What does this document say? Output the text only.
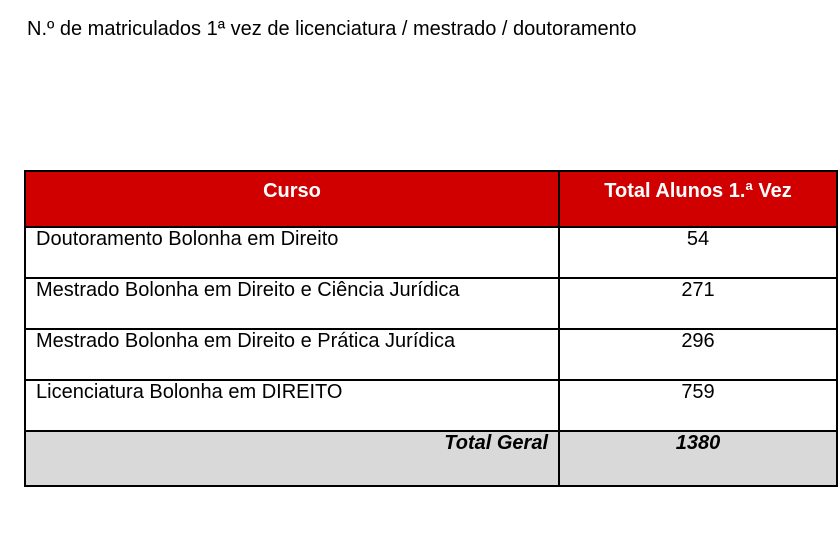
N.º de matriculados 1ª vez de licenciatura / mestrado / doutoramento
Curso	Total Alunos 1.ª Vez
Doutoramento Bolonha em Direito	54
Mestrado Bolonha em Direito e Ciência Jurídica	271
Mestrado Bolonha em Direito e Prática Jurídica	296
Licenciatura Bolonha em DIREITO	759
Total Geral	1380
